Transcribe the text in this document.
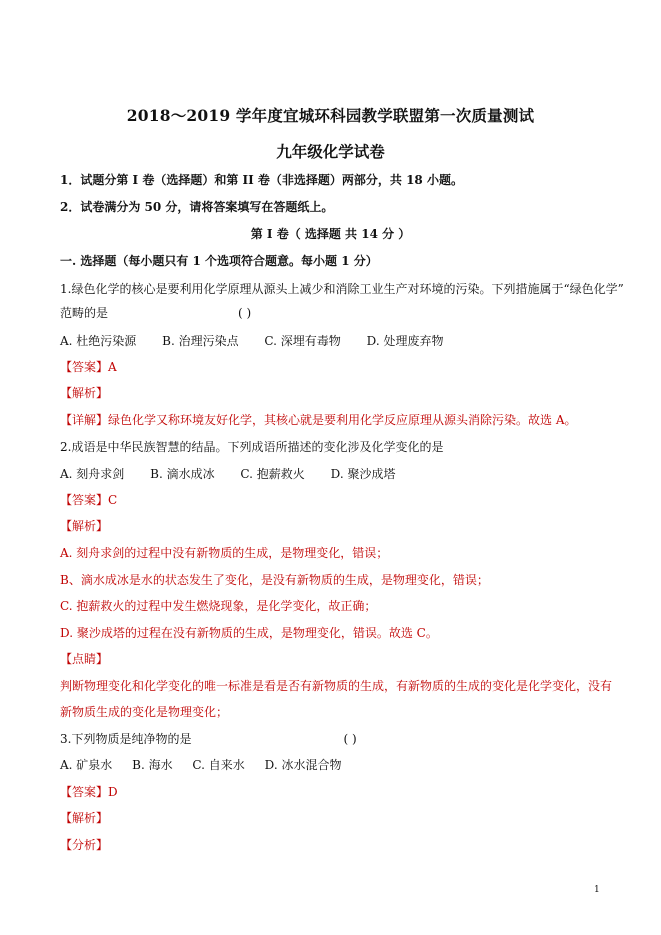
2018～2019 学年度宜城环科园教学联盟第一次质量测试
九年级化学试卷
1．试题分第 I 卷（选择题）和第 II 卷（非选择题）两部分，共 18 小题。
2．试卷满分为 50 分，请将答案填写在答题纸上。
第 I 卷（ 选择题 共 14 分 ）
一. 选择题（每小题只有 1 个选项符合题意。每小题 1 分）
1.绿色化学的核心是要利用化学原理从源头上减少和消除工业生产对环境的污染。下列措施属于“绿色化学”
范畴的是	( )
A. 杜绝污染源 B. 治理污染点 C. 深埋有毒物 D. 处理废弃物
【答案】A
【解析】
【详解】绿色化学又称环境友好化学，其核心就是要利用化学反应原理从源头消除污染。故选 A。
2.成语是中华民族智慧的结晶。下列成语所描述的变化涉及化学变化的是
A. 刻舟求剑 B. 滴水成冰 C. 抱薪救火 D. 聚沙成塔
【答案】C
【解析】
A. 刻舟求剑的过程中没有新物质的生成，是物理变化，错误；
B、滴水成冰是水的状态发生了变化，是没有新物质的生成，是物理变化，错误；
C. 抱薪救火的过程中发生燃烧现象，是化学变化，故正确；
D. 聚沙成塔的过程在没有新物质的生成，是物理变化，错误。故选 C。
【点睛】
判断物理变化和化学变化的唯一标准是看是否有新物质的生成，有新物质的生成的变化是化学变化，没有
新物质生成的变化是物理变化；
3.下列物质是纯净物的是	( )
A. 矿泉水 B. 海水 C. 自来水 D. 冰水混合物
【答案】D
【解析】
【分析】
1
